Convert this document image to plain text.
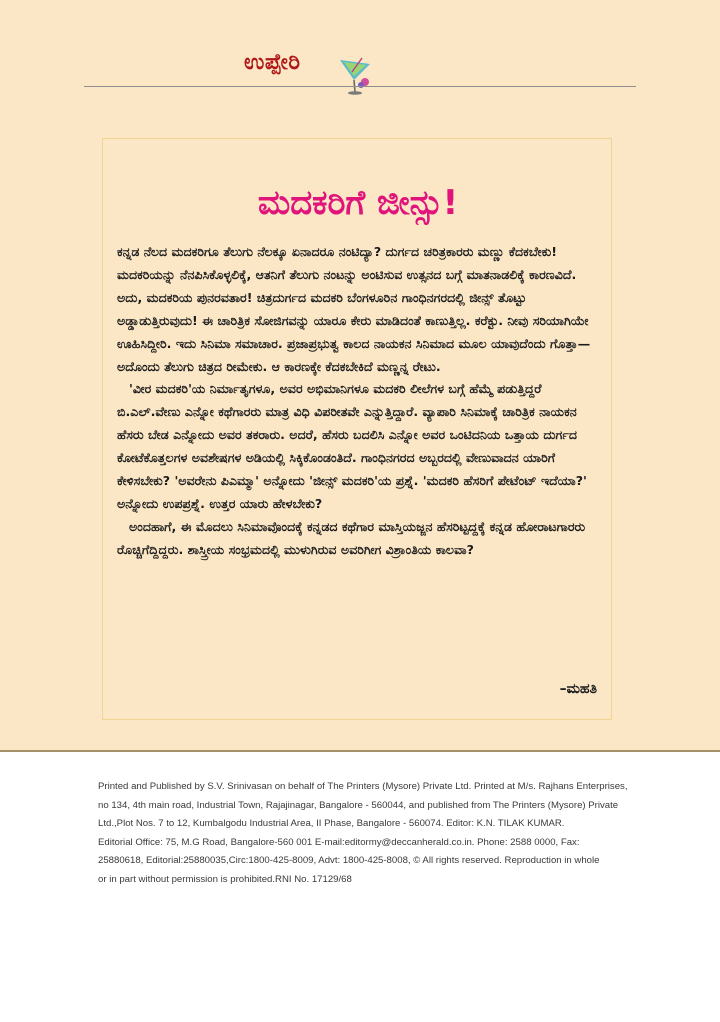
ಉಪ್ಪೇರಿ
ಮದಕರಿಗೆ ಜೀನ್ಸು!

ಕನ್ನಡ ನೆಲದ ಮದಕರಿಗೂ ತೆಲುಗು ನೆಲಕ್ಕೂ ಏನಾದರೂ ನಂಟಿದ್ಯಾ? ದುರ್ಗದ ಚರಿತ್ರಕಾರರು ಮಣ್ಣು ಕೆದಕಬೇಕು! ಮದಕರಿಯನ್ನು ನೆನಪಿಸಿಕೊಳ್ಳಲಿಕ್ಕೆ, ಆತನಿಗೆ ತೆಲುಗು ನಂಟನ್ನು ಅಂಟಿಸುವ ಉತ್ಸನದ ಬಗ್ಗೆ ಮಾತನಾಡಲಿಕ್ಕೆ ಕಾರಣವಿದೆ. ಅದು, ಮದಕರಿಯ ಪುನರವತಾರ! ಚಿತ್ರದುರ್ಗದ ಮದಕರಿ ಬೆಂಗಳೂರಿನ ಗಾಂಧಿನಗರದಲ್ಲಿ ಜೀನ್ಸ್ ತೊಟ್ಟು ಅಡ್ಡಾಡುತ್ತಿರುವುದು! ಈ ಚಾರಿತ್ರಿಕ ಸೋಜಿಗವನ್ನು ಯಾರೂ ಕೇರು ಮಾಡಿದಂತೆ ಕಾಣುತ್ತಿಲ್ಲ. ಕರೆಕ್ಟು. ನೀವು ಸರಿಯಾಗಿಯೇ ಊಹಿಸಿದ್ದೀರಿ. ಇದು ಸಿನಿಮಾ ಸಮಾಚಾರ. ಪ್ರಜಾಪ್ರಭುತ್ವ ಕಾಲದ ನಾಯಕನ ಸಿನಿಮಾದ ಮೂಲ ಯಾವುದೆಂದು ಗೊತ್ತಾ— ಅದೊಂದು ತೆಲುಗು ಚಿತ್ರದ ರೀಮೇಕು. ಆ ಕಾರಣಕ್ಕೇ ಕೆದಕಬೇಕಿದೆ ಮಣ್ಣನ್ನ ರೇಟು.

'ವೀರ ಮದಕರಿ'ಯ ನಿರ್ಮಾತೃಗಳೂ, ಅವರ ಅಭಿಮಾನಿಗಳೂ ಮದಕರಿ ಲೀಲೆಗಳ ಬಗ್ಗೆ ಹೆಮ್ಮೆ ಪಡುತ್ತಿದ್ದರೆ ಬಿ.ಎಲ್.ವೇಣು ಎನ್ನೋ ಕಥೆಗಾರರು ಮಾತ್ರ ವಿಧಿ ವಿಪರೀತವೇ ಎನ್ನುತ್ತಿದ್ದಾರೆ. ವ್ಯಾಪಾರಿ ಸಿನಿಮಾಕ್ಕೆ ಚಾರಿತ್ರಿಕ ನಾಯಕನ ಹೆಸರು ಬೇಡ ಎನ್ನೋದು ಅವರ ತಕರಾರು. ಅದರೆ, ಹೆಸರು ಬದಲಿಸಿ ಎನ್ನೋ ಅವರ ಒಂಟಿದನಿಯ ಒತ್ತಾಯ ದುರ್ಗದ ಕೋಟೆಕೊತ್ತಲಗಳ ಅವಶೇಷಗಳ ಅಡಿಯಲ್ಲಿ ಸಿಕ್ಕಿಕೊಂಡಂತಿದೆ. ಗಾಂಧಿನಗರದ ಅಬ್ಬರದಲ್ಲಿ ವೇಣುವಾದನ ಯಾರಿಗೆ ಕೇಳಿಸಬೇಕು? 'ಅವರೇನು ಪಿಎಮ್ಮಾ' ಅನ್ನೋದು 'ಜೀನ್ಸ್ ಮದಕರಿ'ಯ ಪ್ರಶ್ನೆ. 'ಮದಕರಿ ಹೆಸರಿಗೆ ಪೇಟೆಂಟ್ ಇದೆಯಾ?' ಅನ್ನೋದು ಉಪಪ್ರಶ್ನೆ. ಉತ್ತರ ಯಾರು ಹೇಳಬೇಕು?

ಅಂದಹಾಗೆ, ಈ ಮೊದಲು ಸಿನಿಮಾವೊಂದಕ್ಕೆ ಕನ್ನಡದ ಕಥೆಗಾರ ಮಾಸ್ತಿಯಜ್ಜನ ಹೆಸರಿಟ್ಟದ್ದಕ್ಕೆ ಕನ್ನಡ ಹೋರಾಟಗಾರರು ರೊಚ್ಚಿಗೆದ್ದಿದ್ದರು. ಶಾಸ್ತ್ರೀಯ ಸಂಭ್ರಮದಲ್ಲಿ ಮುಳುಗಿರುವ ಅವರಿಗೀಗ ವಿಶ್ರಾಂತಿಯ ಕಾಲವಾ?

–ಮಹತಿ
Printed and Published by S.V. Srinivasan on behalf of The Printers (Mysore) Private Ltd. Printed at M/s. Rajhans Enterprises,
no 134, 4th main road, Industrial Town, Rajajinagar, Bangalore - 560044, and published from The Printers (Mysore) Private
Ltd.,Plot Nos. 7 to 12, Kumbalgodu Industrial Area, II Phase, Bangalore - 560074. Editor: K.N. TILAK KUMAR.
Editorial Office: 75, M.G Road, Bangalore-560 001 E-mail:editormy@deccanherald.co.in. Phone: 2588 0000, Fax:
25880618, Editorial:25880035,Circ:1800-425-8009, Advt: 1800-425-8008, © All rights reserved. Reproduction in whole
or in part without permission is prohibited.RNI No. 17129/68
